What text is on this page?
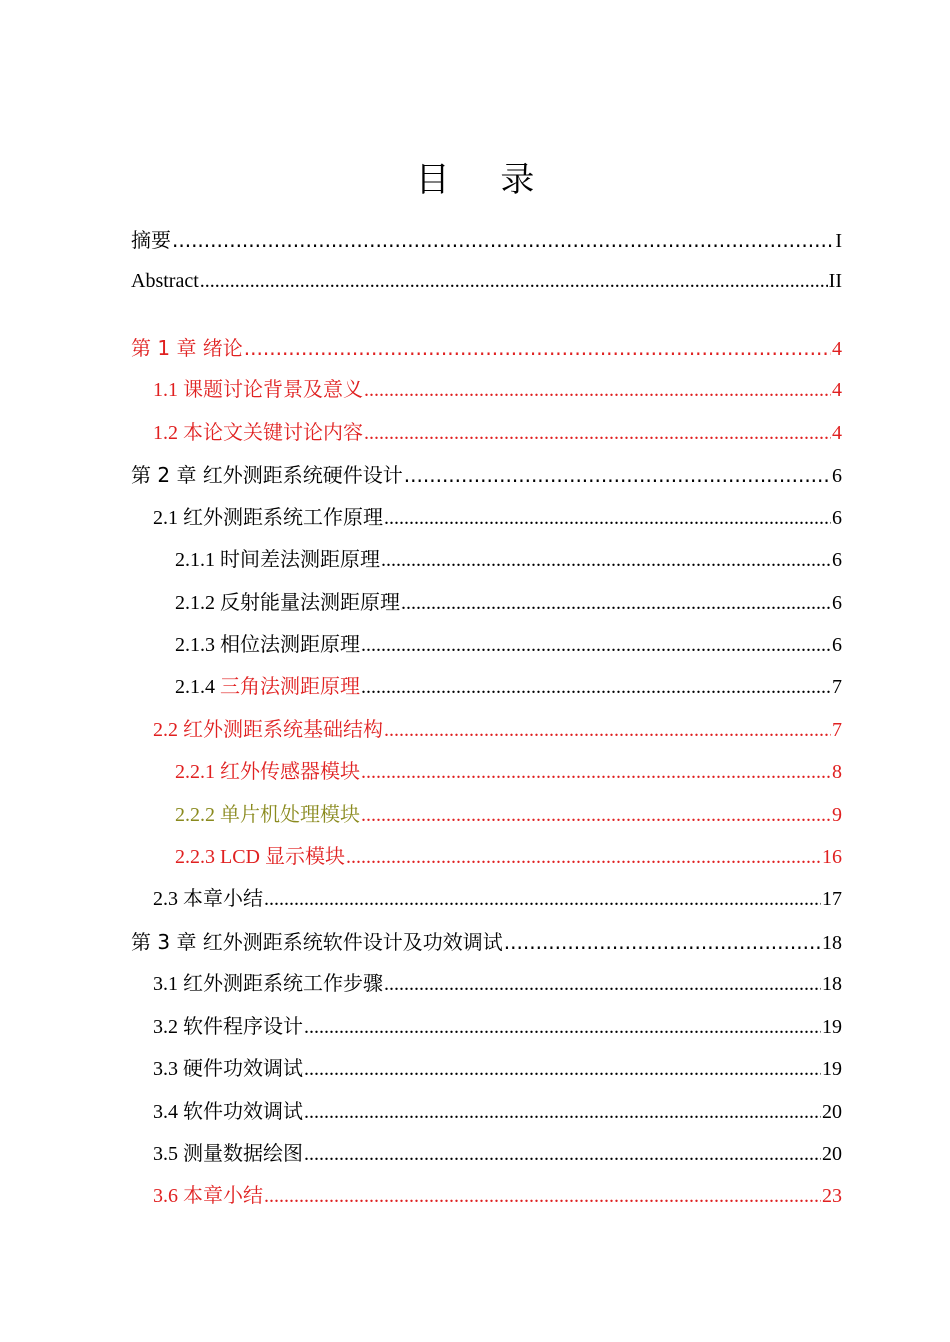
目 录
摘要 .....	I
Abstract .....	II
第 1 章 绪论 .....	4
1.1 课题讨论背景及意义 .....	4
1.2 本论文关键讨论内容 .....	4
第 2 章 红外测距系统硬件设计 .....	6
2.1 红外测距系统工作原理 .....	6
2.1.1 时间差法测距原理 .....	6
2.1.2 反射能量法测距原理 .....	6
2.1.3 相位法测距原理 .....	6
2.1.4 三角法测距原理 .....	7
2.2 红外测距系统基础结构 .....	7
2.2.1 红外传感器模块 .....	8
2.2.2 单片机处理模块 .....	9
2.2.3 LCD 显示模块 .....	16
2.3 本章小结 .....	17
第 3 章 红外测距系统软件设计及功效调试 .....	18
3.1 红外测距系统工作步骤 .....	18
3.2 软件程序设计 .....	19
3.3 硬件功效调试 .....	19
3.4 软件功效调试 .....	20
3.5 测量数据绘图 .....	20
3.6 本章小结 .....	23
